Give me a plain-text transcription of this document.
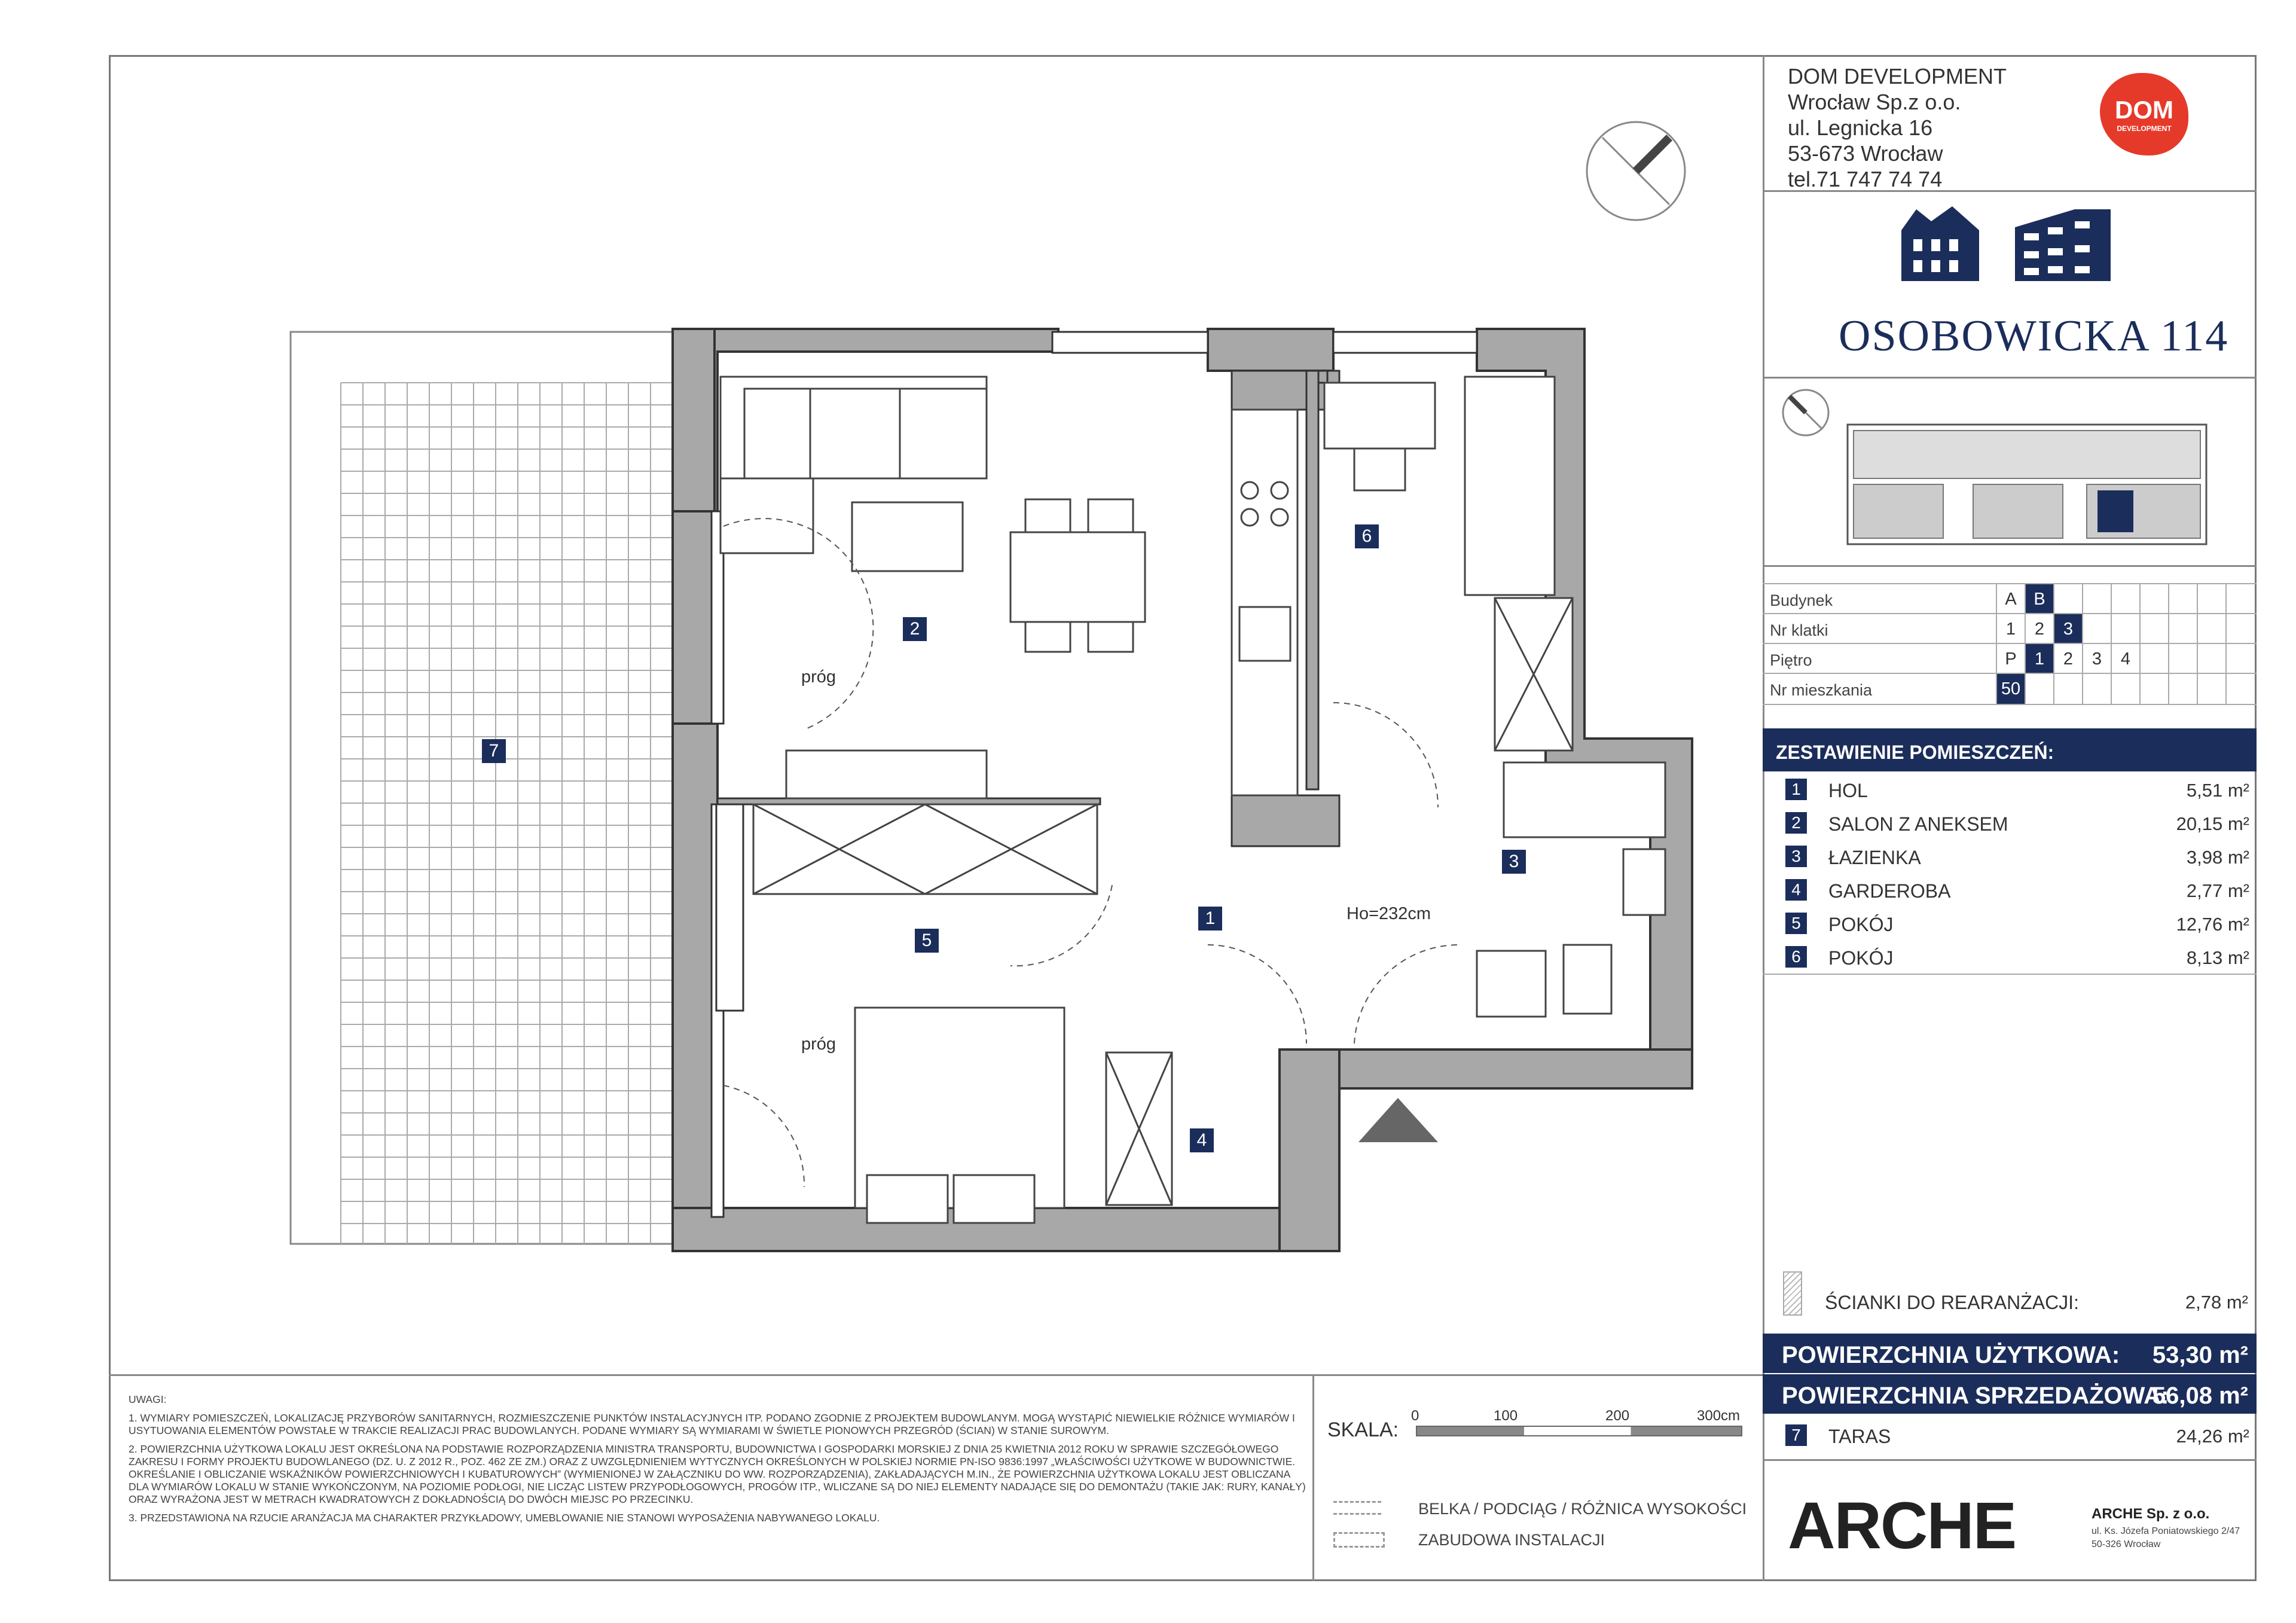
2
6
7
3
5
1
4
próg
próg
Ho=232cm
DOM DEVELOPMENT
Wrocław Sp.z o.o.
ul. Legnicka 16
53-673 Wrocław
tel.71 747 74 74
DOM
DEVELOPMENT
OSOBOWICKA 114
Budynek	A B
Nr klatki	1	2	3
Piętro	P	1	2	3	4
Nr mieszkania	50
ZESTAWIENIE POMIESZCZEŃ:
1	HOL	5,51 m²
2	SALON Z ANEKSEM	20,15 m²
3	ŁAZIENKA	3,98 m²
4	GARDEROBA	2,77 m²
5	POKÓJ	12,76 m²
6	POKÓJ	8,13 m²
ŚCIANKI DO REARANŻACJI:	2,78 m²
POWIERZCHNIA UŻYTKOWA: 53,30 m²
POWIERZCHNIA SPRZEDAŻOWA:
56,08 m²
7	TARAS	24,26 m²

UWAGI:

1. WYMIARY POMIESZCZEŃ, LOKALIZACJĘ PRZYBORÓW SANITARNYCH, ROZMIESZCZENIE PUNKTÓW INSTALACYJNYCH ITP. PODANO ZGODNIE Z PROJEKTEM BUDOWLANYM. MOGĄ WYSTĄPIĆ NIEWIELKIE RÓŻNICE WYMIARÓW I USYTUOWANIA ELEMENTÓW POWSTAŁE W TRAKCIE REALIZACJI PRAC BUDOWLANYCH. PODANE WYMIARY SĄ WYMIARAMI W ŚWIETLE PIONOWYCH PRZEGRÓD (ŚCIAN) W STANIE SUROWYM.

2. POWIERZCHNIA UŻYTKOWA LOKALU JEST OKREŚLONA NA PODSTAWIE ROZPORZĄDZENIA MINISTRA TRANSPORTU, BUDOWNICTWA I GOSPODARKI MORSKIEJ Z DNIA 25 KWIETNIA 2012 ROKU W SPRAWIE SZCZEGÓŁOWEGO ZAKRESU I FORMY PROJEKTU BUDOWLANEGO (DZ. U. Z 2012 R., POZ. 462 ZE ZM.) ORAZ Z UWZGLĘDNIENIEM WYTYCZNYCH OKREŚLONYCH W POLSKIEJ NORMIE PN-ISO 9836:1997 „WŁAŚCIWOŚCI UŻYTKOWE W BUDOWNICTWIE. OKREŚLANIE I OBLICZANIE WSKAŹNIKÓW POWIERZCHNIOWYCH I KUBATUROWYCH” (WYMIENIONEJ W ZAŁĄCZNIKU DO WW. ROZPORZĄDZENIA), ZAKŁADAJĄCYCH M.IN., ŻE POWIERZCHNIA UŻYTKOWA LOKALU JEST OBLICZANA DLA WYMIARÓW LOKALU W STANIE WYKOŃCZONYM, NA POZIOMIE PODŁOGI, NIE LICZĄC LISTEW PRZYPODŁOGOWYCH, PROGÓW ITP., WLICZANE SĄ DO NIEJ ELEMENTY NADAJĄCE SIĘ DO DEMONTAŻU (TAKIE JAK: RURY, KANAŁY) ORAZ WYRAŻONA JEST W METRACH KWADRATOWYCH Z DOKŁADNOŚCIĄ DO DWÓCH MIEJSC PO PRZECINKU.

3. PRZEDSTAWIONA NA RZUCIE ARANŻACJA MA CHARAKTER PRZYKŁADOWY, UMEBLOWANIE NIE STANOWI WYPOSAŻENIA NABYWANEGO LOKALU.

SKALA:
0	100	200	300cm
BELKA / PODCIĄG / RÓŻNICA WYSOKOŚCI
ZABUDOWA INSTALACJI	ARCHE	ARCHE Sp. z o.o.
ul. Ks. Józefa Poniatowskiego 2/47
50-326 Wrocław
